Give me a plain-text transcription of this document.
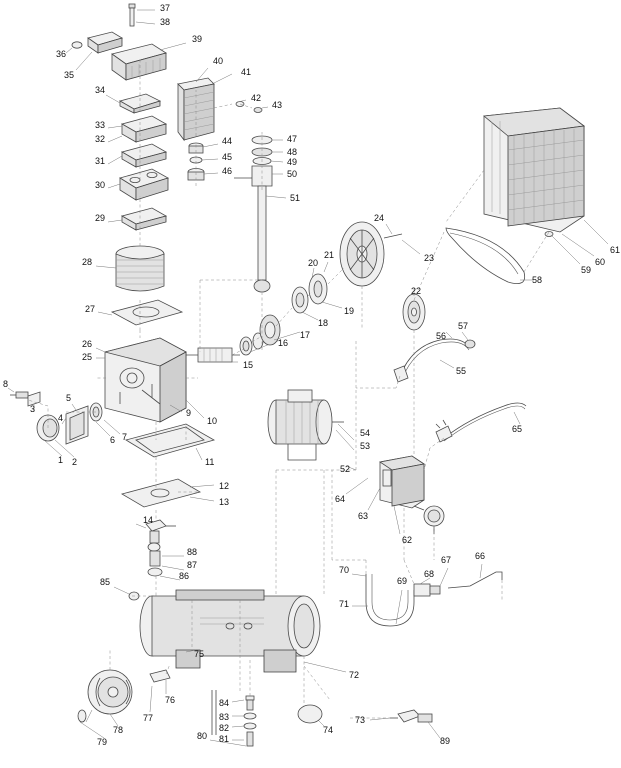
1 2
3
4
5
6 7
8
9
10
11
12
13
14
15
16
17
18
19
20
21
22
23
24
25
26
27
28
29
30
31
32
33
34
35
36
37
38
39
40
41
42
43
44
45
46
47
48
49
50
51
52
53
54
55
56
57
58
59
60
61
62
63
64
65
66
67
68
69
70
71
72
73
74
75
76
77
78
79
80 81
82
83
84
85
86
87
88
89
